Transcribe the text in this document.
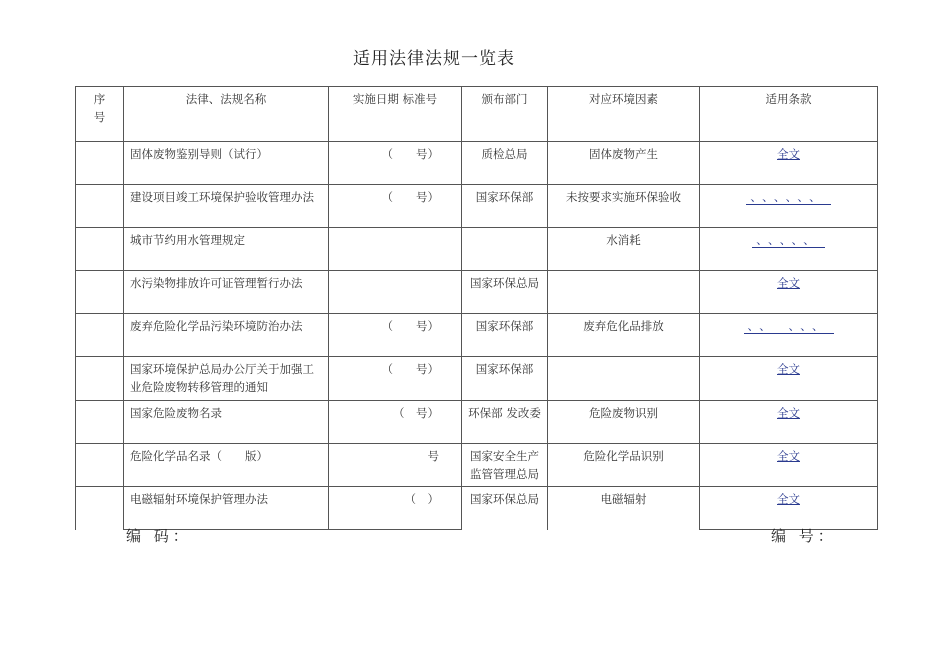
适用法律法规一览表
序
号	法律、法规名称	实施日期 标准号	颁布部门	对应环境因素	适用条款
	固体废物鉴别导则（试行）	（　　号）	质检总局	固体废物产生	全文
	建设项目竣工环境保护验收管理办法	（　　号）	国家环保部	未按要求实施环保验收	、、、、、、
	城市节约用水管理规定			水消耗	、、、、、
	水污染物排放许可证管理暂行办法		国家环保总局		全文
	废弃危险化学品污染环境防治办法	（　　号）	国家环保部	废弃危化品排放	、、　、、、
	国家环境保护总局办公厅关于加强工业危险废物转移管理的通知	（　　号）	国家环保部		全文
	国家危险废物名录	（　号）	环保部 发改委	危险废物识别	全文
	危险化学品名录（　　版）	号	国家安全生产监管管理总局	危险化学品识别	全文
	电磁辐射环境保护管理办法	（　）	国家环保总局	电磁辐射	全文
编 码：	编 号：
